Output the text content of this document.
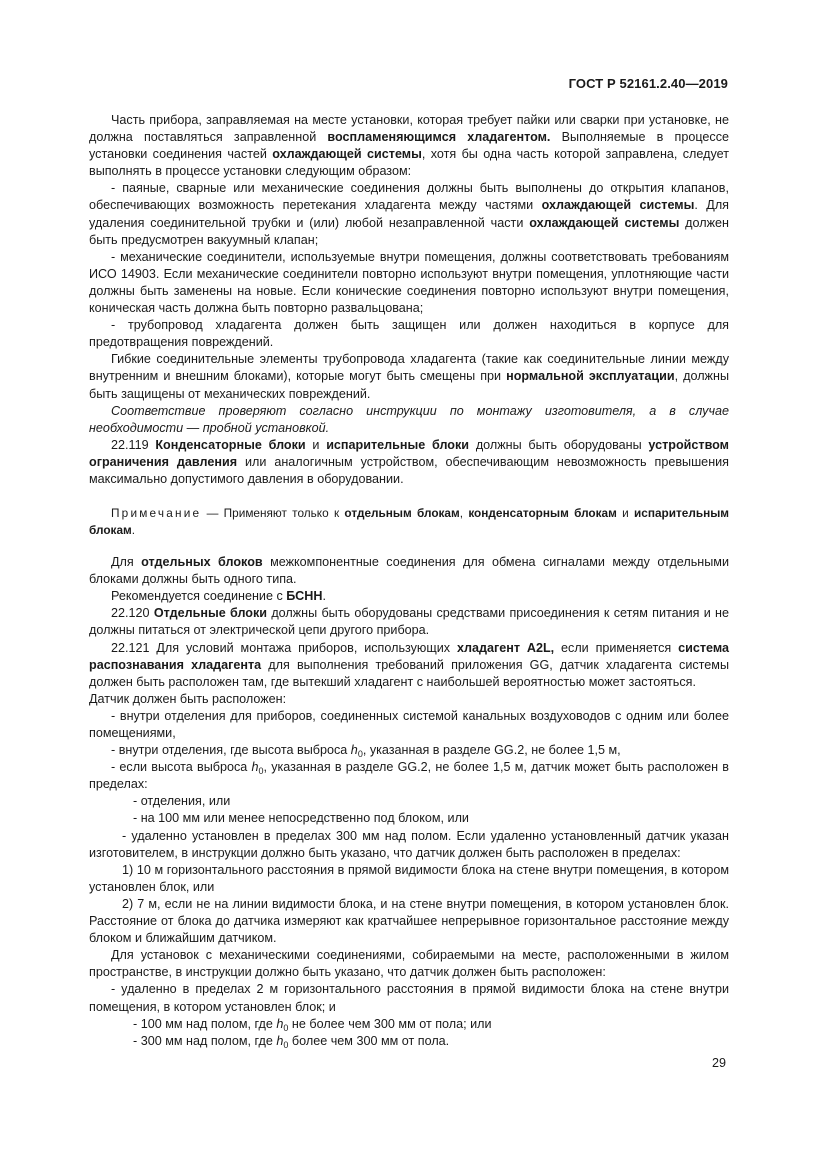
ГОСТ Р 52161.2.40—2019

Часть прибора, заправляемая на месте установки, которая требует пайки или сварки при установке, не должна поставляться заправленной воспламеняющимся хладагентом. Выполняемые в процессе установки соединения частей охлаждающей системы, хотя бы одна часть которой заправлена, следует выполнять в процессе установки следующим образом:

- паяные, сварные или механические соединения должны быть выполнены до открытия клапанов, обеспечивающих возможность перетекания хладагента между частями охлаждающей системы. Для удаления соединительной трубки и (или) любой незаправленной части охлаждающей системы должен быть предусмотрен вакуумный клапан;

- механические соединители, используемые внутри помещения, должны соответствовать требованиям ИСО 14903. Если механические соединители повторно используют внутри помещения, уплотняющие части должны быть заменены на новые. Если конические соединения повторно используют внутри помещения, коническая часть должна быть повторно развальцована;

- трубопровод хладагента должен быть защищен или должен находиться в корпусе для предотвращения повреждений.

Гибкие соединительные элементы трубопровода хладагента (такие как соединительные линии между внутренним и внешним блоками), которые могут быть смещены при нормальной эксплуатации, должны быть защищены от механических повреждений.

Соответствие проверяют согласно инструкции по монтажу изготовителя, а в случае необходимости — пробной установкой.

22.119 Конденсаторные блоки и испарительные блоки должны быть оборудованы устройством ограничения давления или аналогичным устройством, обеспечивающим невозможность превышения максимально допустимого давления в оборудовании.

Примечание — Применяют только к отдельным блокам, конденсаторным блокам и испарительным блокам.

Для отдельных блоков межкомпонентные соединения для обмена сигналами между отдельными блоками должны быть одного типа.

Рекомендуется соединение с БСНН.

22.120 Отдельные блоки должны быть оборудованы средствами присоединения к сетям питания и не должны питаться от электрической цепи другого прибора.

22.121 Для условий монтажа приборов, использующих хладагент A2L, если применяется система распознавания хладагента для выполнения требований приложения GG, датчик хладагента системы должен быть расположен там, где вытекший хладагент с наибольшей вероятностью может застояться.

Датчик должен быть расположен:

- внутри отделения для приборов, соединенных системой канальных воздуховодов с одним или более помещениями,

- внутри отделения, где высота выброса $h_0$, указанная в разделе GG.2, не более 1,5 м,

- если высота выброса $h_0$, указанная в разделе GG.2, не более 1,5 м, датчик может быть расположен в пределах:

- отделения, или

- на 100 мм или менее непосредственно под блоком, или

- удаленно установлен в пределах 300 мм над полом. Если удаленно установленный датчик указан изготовителем, в инструкции должно быть указано, что датчик должен быть расположен в пределах:

1) 10 м горизонтального расстояния в прямой видимости блока на стене внутри помещения, в котором установлен блок, или

2) 7 м, если не на линии видимости блока, и на стене внутри помещения, в котором установлен блок. Расстояние от блока до датчика измеряют как кратчайшее непрерывное горизонтальное расстояние между блоком и ближайшим датчиком.

Для установок с механическими соединениями, собираемыми на месте, расположенными в жилом пространстве, в инструкции должно быть указано, что датчик должен быть расположен:

- удаленно в пределах 2 м горизонтального расстояния в прямой видимости блока на стене внутри помещения, в котором установлен блок; и

- 100 мм над полом, где $h_0$ не более чем 300 мм от пола; или

- 300 мм над полом, где $h_0$ более чем 300 мм от пола.

29
